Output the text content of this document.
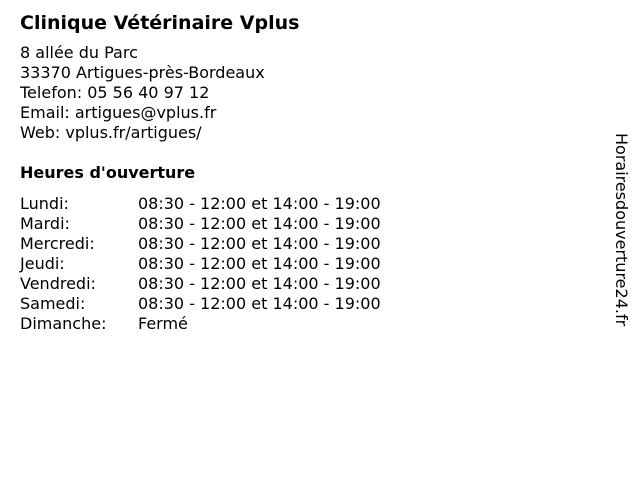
Clinique Vétérinaire Vplus
8 allée du Parc
33370 Artigues-près-Bordeaux
Telefon: 05 56 40 97 12
Email: artigues@vplus.fr
Web: vplus.fr/artigues/
Heures d'ouverture
Lundi:	08:30 - 12:00 et 14:00 - 19:00
Mardi:	08:30 - 12:00 et 14:00 - 19:00
Mercredi:	08:30 - 12:00 et 14:00 - 19:00
Jeudi:	08:30 - 12:00 et 14:00 - 19:00
Vendredi:	08:30 - 12:00 et 14:00 - 19:00
Samedi:	08:30 - 12:00 et 14:00 - 19:00
Dimanche: Fermé	Horairesdouverture24.fr
